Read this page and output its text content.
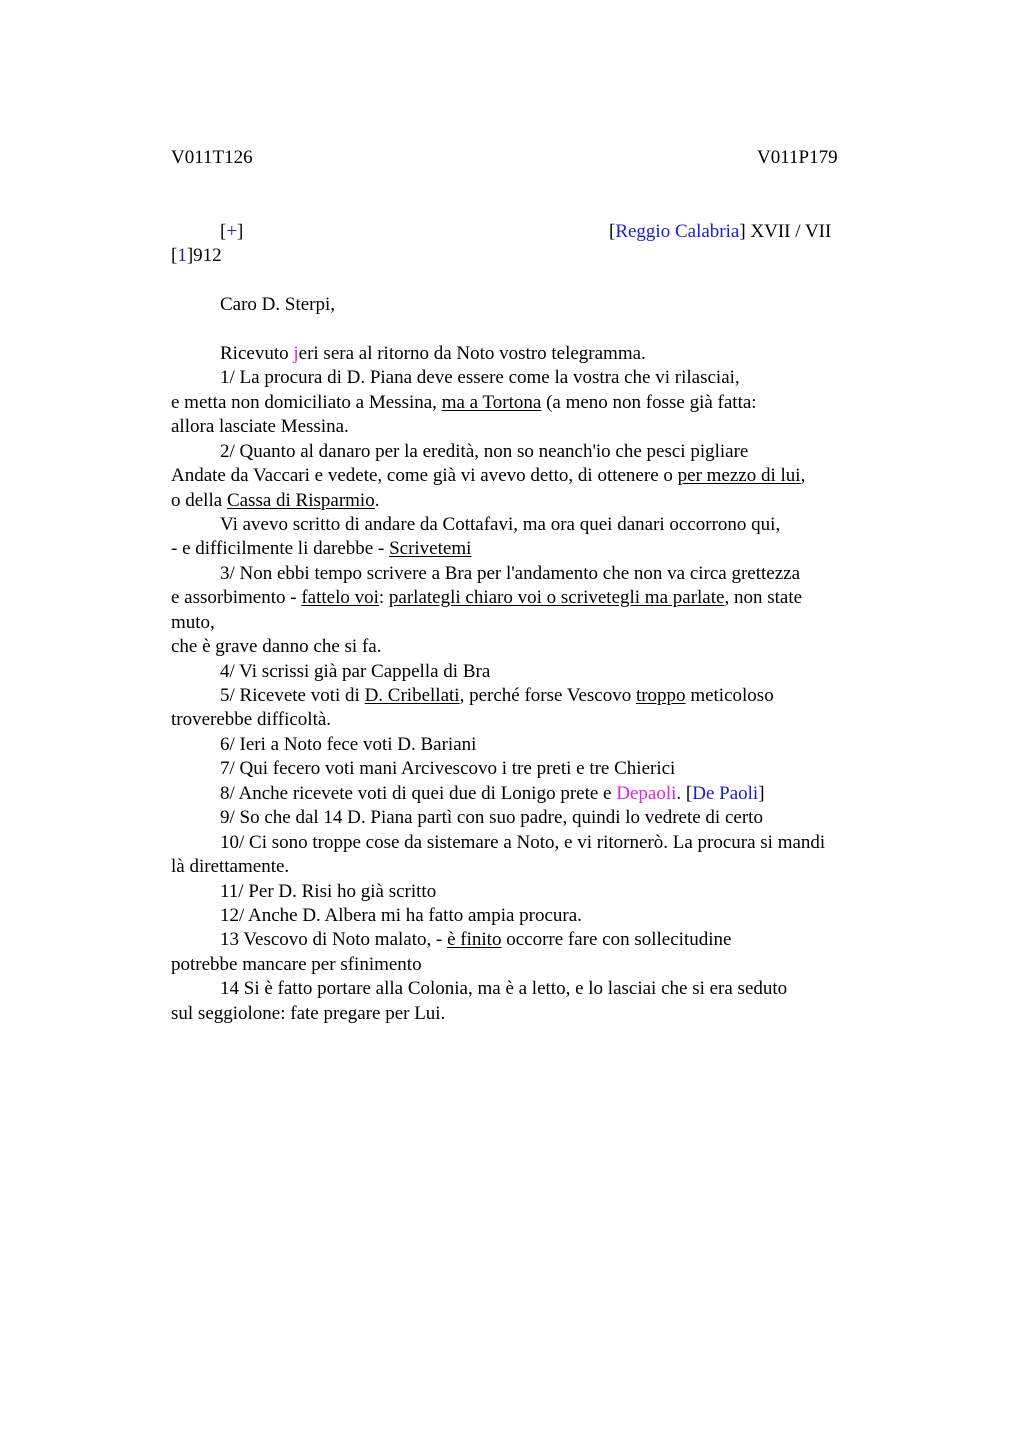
V011T126	V011P179
[+]	[Reggio Calabria] XVII / VII
[1]912
Caro D. Sterpi,
Ricevuto jeri sera al ritorno da Noto vostro telegramma.
1/ La procura di D. Piana deve essere come la vostra che vi rilasciai,
e metta non domiciliato a Messina, ma a Tortona (a meno non fosse già fatta:
allora lasciate Messina.
2/ Quanto al danaro per la eredità, non so neanch'io che pesci pigliare
Andate da Vaccari e vedete, come già vi avevo detto, di ottenere o per mezzo di lui,
o della Cassa di Risparmio.
Vi avevo scritto di andare da Cottafavi, ma ora quei danari occorrono qui,
- e difficilmente li darebbe - Scrivetemi
3/ Non ebbi tempo scrivere a Bra per l'andamento che non va circa grettezza
e assorbimento - fattelo voi: parlategli chiaro voi o scrivetegli ma parlate, non state
muto,
che è grave danno che si fa.
4/ Vi scrissi già par Cappella di Bra
5/ Ricevete voti di D. Cribellati, perché forse Vescovo troppo meticoloso
troverebbe difficoltà.
6/ Ieri a Noto fece voti D. Bariani
7/ Qui fecero voti mani Arcivescovo i tre preti e tre Chierici
8/ Anche ricevete voti di quei due di Lonigo prete e Depaoli. [De Paoli]
9/ So che dal 14 D. Piana partì con suo padre, quindi lo vedrete di certo
10/ Ci sono troppe cose da sistemare a Noto, e vi ritornerò. La procura si mandi
là direttamente.
11/ Per D. Risi ho già scritto
12/ Anche D. Albera mi ha fatto ampia procura.
13 Vescovo di Noto malato, - è finito occorre fare con sollecitudine
potrebbe mancare per sfinimento
14 Si è fatto portare alla Colonia, ma è a letto, e lo lasciai che si era seduto
sul seggiolone: fate pregare per Lui.
